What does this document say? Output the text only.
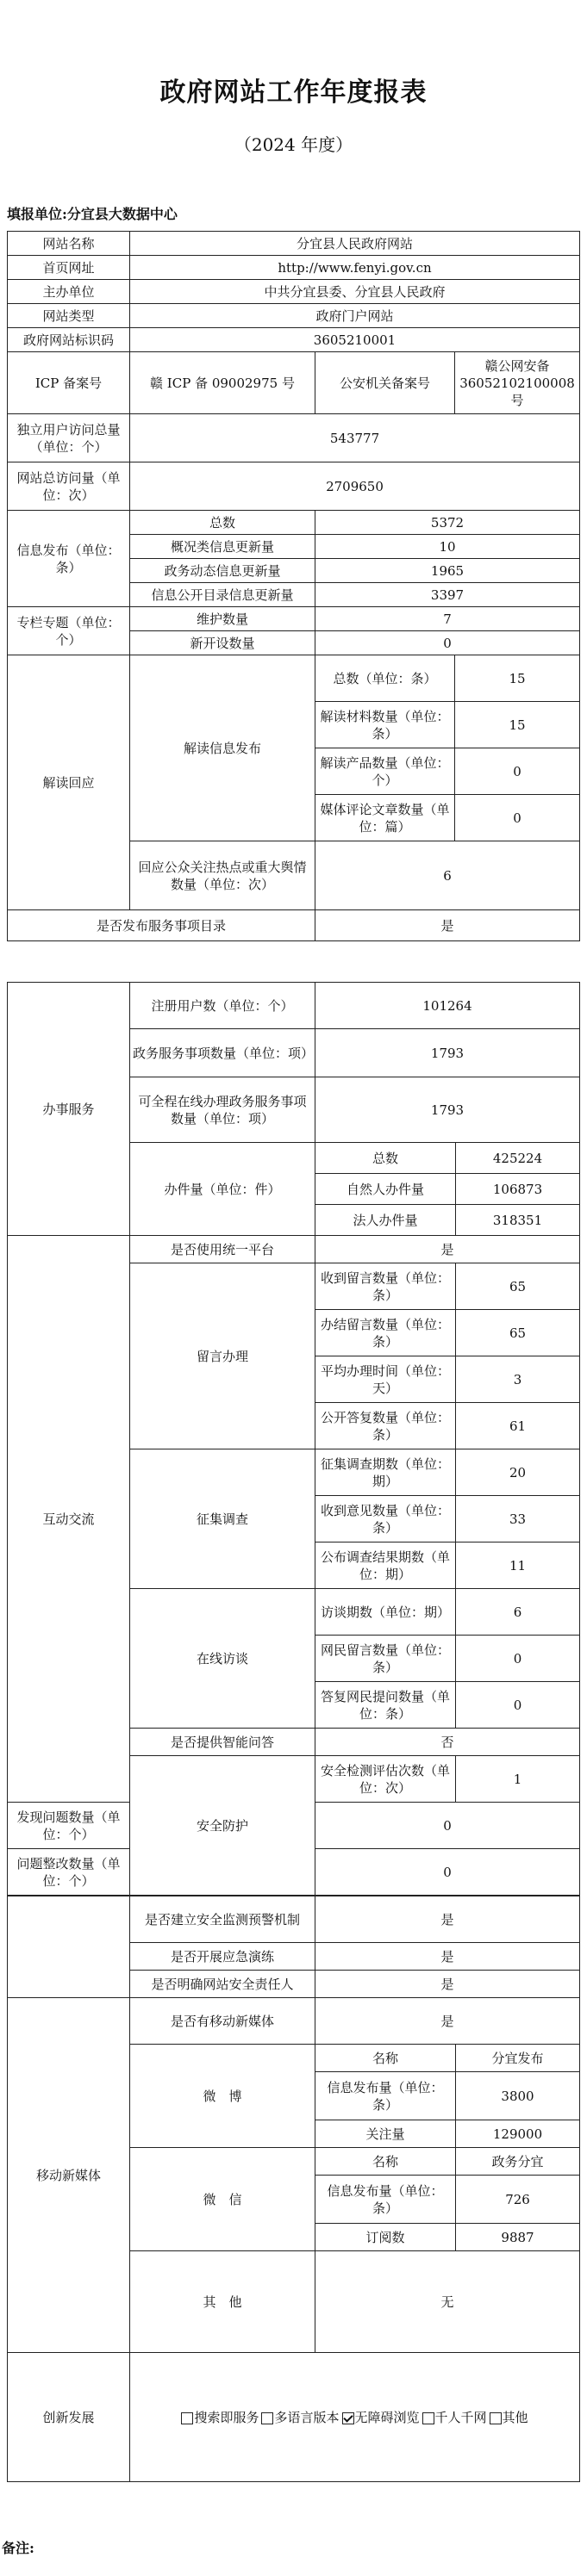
政府网站工作年度报表
（2024 年度）
填报单位:分宜县大数据中心
网站名称	分宜县人民政府网站		
首页网址	http://www.fenyi.gov.cn		
主办单位	中共分宜县委、分宜县人民政府		
网站类型	政府门户网站		
政府网站标识码	3605210001		
ICP 备案号	赣 ICP 备 09002975 号	公安机关备案号	赣公网安备 36052102100008 号
独立用户访问总量（单位：个）	543777		
网站总访问量（单位：次）	2709650		
信息发布（单位：条）	总数	5372	
	概况类信息更新量	10	
	政务动态信息更新量	1965	
	信息公开目录信息更新量	3397	
专栏专题（单位：个）	维护数量	7	
	新开设数量	0	
解读回应	解读信息发布	总数（单位：条）	15
		解读材料数量（单位：条）	15
		解读产品数量（单位：个）	0
		媒体评论文章数量（单位：篇）	0
	回应公众关注热点或重大舆情数量（单位：次）	6	
是否发布服务事项目录		是	
办事服务	注册用户数（单位：个）	101264	
	政务服务事项数量（单位：项）	1793	
	可全程在线办理政务服务事项数量（单位：项）	1793	
	办件量（单位：件）	总数	425224
		自然人办件量	106873
		法人办件量	318351
互动交流	是否使用统一平台	是	
	留言办理	收到留言数量（单位：条）	65
		办结留言数量（单位：条）	65
		平均办理时间（单位：天）	3
		公开答复数量（单位：条）	61
	征集调查	征集调查期数（单位：期）	20
		收到意见数量（单位：条）	33
		公布调查结果期数（单位：期）	11
	在线访谈	访谈期数（单位：期）	6
		网民留言数量（单位：条）	0
		答复网民提问数量（单位：条）	0
	是否提供智能问答	否	
	安全防护	安全检测评估次数（单位：次）	1
发现问题数量（单位：个）		0	
问题整改数量（单位：个）		0	
	是否建立安全监测预警机制	是	
	是否开展应急演练	是	
	是否明确网站安全责任人	是	
移动新媒体	是否有移动新媒体	是	
	微　博	名称	分宜发布
		信息发布量（单位：条）	3800
		关注量	129000
	微　信	名称	政务分宜
		信息发布量（单位：条）	726
		订阅数	9887
	其　他	无	
创新发展	搜索即服务 多语言版本 无障碍浏览 千人千网 其他		
备注:
